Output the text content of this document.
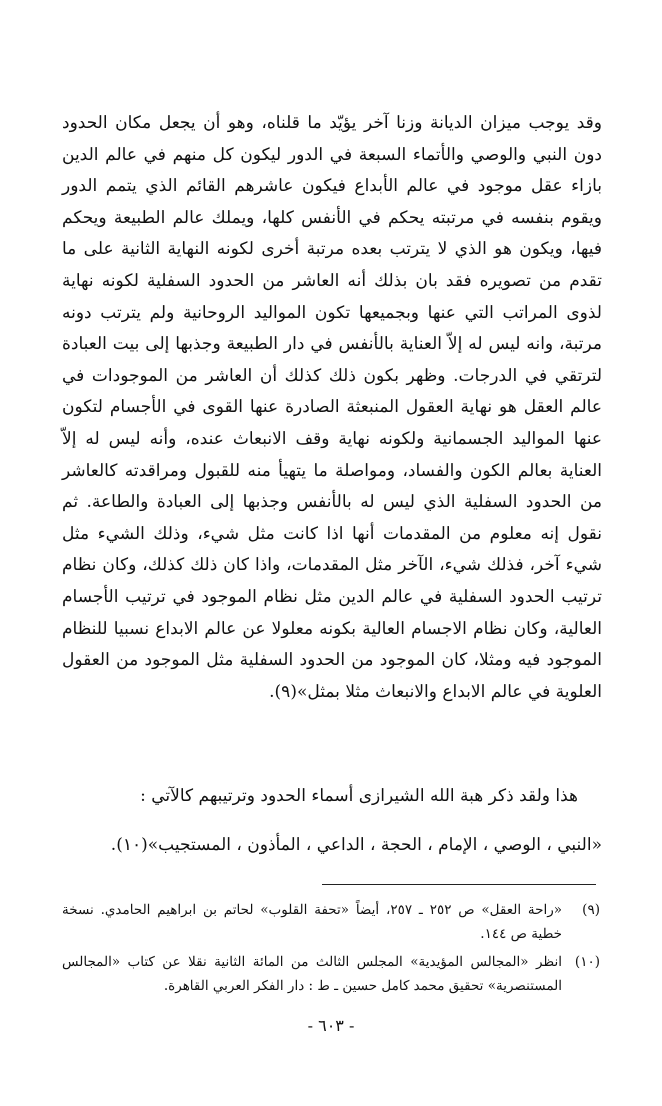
وقد يوجب ميزان الديانة وزنا آخر يؤيّد ما قلناه، وهو أن يجعل مكان الحدود دون النبي والوصي والأتماء السبعة في الدور ليكون كل منهم في عالم الدين بازاء عقل موجود في عالم الأبداع فيكون عاشرهم القائم الذي يتمم الدور ويقوم بنفسه في مرتبته يحكم في الأنفس كلها، ويملك عالم الطبيعة ويحكم فيها، ويكون هو الذي لا يترتب بعده مرتبة أخرى لكونه النهاية الثانية على ما تقدم من تصويره فقد بان بذلك أنه العاشر من الحدود السفلية لكونه نهاية لذوى المراتب التي عنها وبجميعها تكون المواليد الروحانية ولم يترتب دونه مرتبة، وانه ليس له إلاّ العناية بالأنفس في دار الطبيعة وجذبها إلى بيت العبادة لترتقي في الدرجات. وظهر بكون ذلك كذلك أن العاشر من الموجودات في عالم العقل هو نهاية العقول المنبعثة الصادرة عنها القوى في الأجسام لتكون عنها المواليد الجسمانية ولكونه نهاية وقف الانبعاث عنده، وأنه ليس له إلاّ العناية بعالم الكون والفساد، ومواصلة ما يتهيأ منه للقبول ومراقدته كالعاشر من الحدود السفلية الذي ليس له بالأنفس وجذبها إلى العبادة والطاعة. ثم نقول إنه معلوم من المقدمات أنها اذا كانت مثل شيء، وذلك الشيء مثل شيء آخر، فذلك شيء، الآخر مثل المقدمات، واذا كان ذلك كذلك، وكان نظام ترتيب الحدود السفلية في عالم الدين مثل نظام الموجود في ترتيب الأجسام العالية، وكان نظام الاجسام العالية بكونه معلولا عن عالم الابداع نسبيا للنظام الموجود فيه ومثلا، كان الموجود من الحدود السفلية مثل الموجود من العقول العلوية في عالم الابداع والانبعاث مثلا بمثل»(٩).

هذا ولقد ذكر هبة الله الشيرازى أسماء الحدود وترتيبهم كالآتي :
«النبي ، الوصي ، الإمام ، الحجة ، الداعي ، المأذون ، المستجيب»(١٠).
(٩)
«راحة العقل» ص ٢٥٢ ـ ٢٥٧، أيضاً «تحفة القلوب» لحاتم بن ابراهيم الحامدي. نسخة خطية ص ١٤٤.
(١٠)
انظر «المجالس المؤيدية» المجلس الثالث من المائة الثانية نقلا عن كتاب «المجالس المستنصرية» تحقيق محمد كامل حسين ـ ط : دار الفكر العربي القاهرة.
- ٦٠٣ -
